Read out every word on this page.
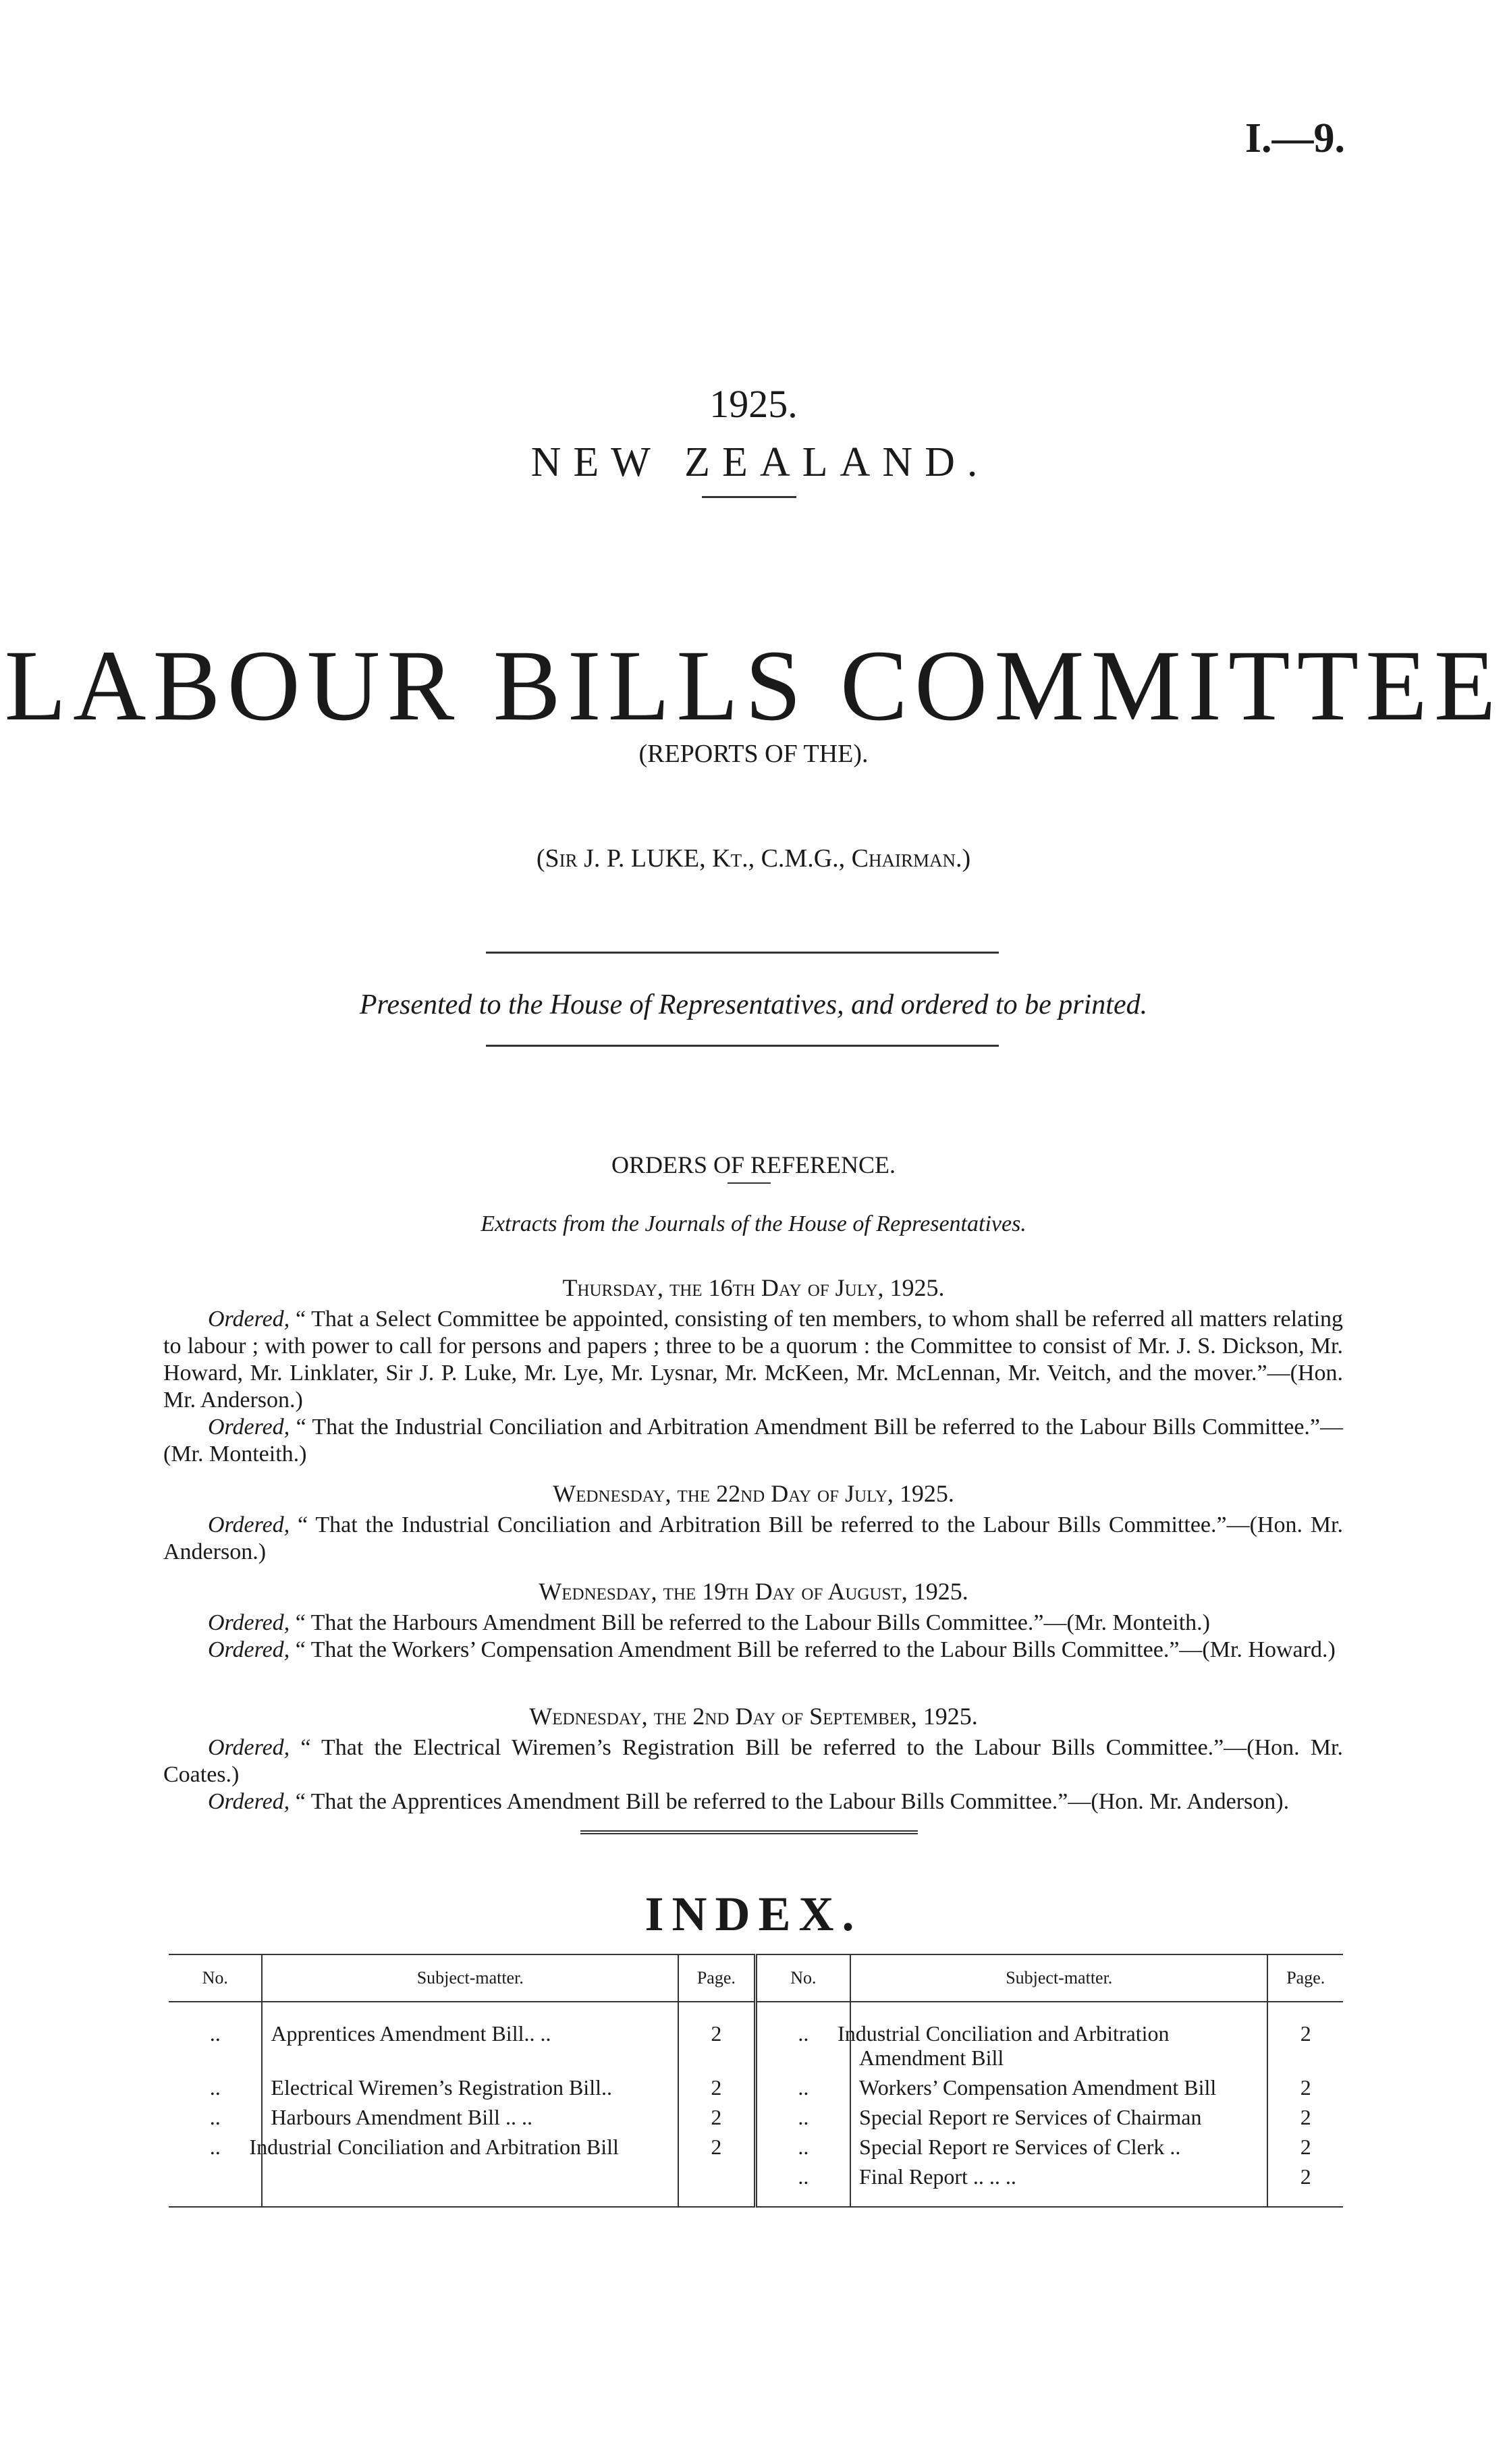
I.—9.
1925.
NEW ZEALAND.
LABOUR BILLS COMMITTEE
(REPORTS OF THE).
(Sir J. P. LUKE, Kt., C.M.G., Chairman.)
Presented to the House of Representatives, and ordered to be printed.
ORDERS OF REFERENCE.
Extracts from the Journals of the House of Representatives.
Thursday, the 16th Day of July, 1925.

Ordered, “ That a Select Committee be appointed, consisting of ten members, to whom shall be referred all matters relating to labour ; with power to call for persons and papers ; three to be a quorum : the Committee to consist of Mr. J. S. Dickson, Mr. Howard, Mr. Linklater, Sir J. P. Luke, Mr. Lye, Mr. Lysnar, Mr. McKeen, Mr. McLennan, Mr. Veitch, and the mover.”—(Hon. Mr. Anderson.)

Ordered, “ That the Industrial Conciliation and Arbitration Amendment Bill be referred to the Labour Bills Committee.”—(Mr. Monteith.)

Wednesday, the 22nd Day of July, 1925.

Ordered, “ That the Industrial Conciliation and Arbitration Bill be referred to the Labour Bills Committee.”—(Hon. Mr. Anderson.)

Wednesday, the 19th Day of August, 1925.

Ordered, “ That the Harbours Amendment Bill be referred to the Labour Bills Committee.”—(Mr. Monteith.)

Ordered, “ That the Workers’ Compensation Amendment Bill be referred to the Labour Bills Committee.”—(Mr. Howard.)

Wednesday, the 2nd Day of September, 1925.

Ordered, “ That the Electrical Wiremen’s Registration Bill be referred to the Labour Bills Committee.”—(Hon. Mr. Coates.)

Ordered, “ That the Apprentices Amendment Bill be referred to the Labour Bills Committee.”—(Hon. Mr. Anderson).

INDEX.
No.	Subject-matter.	Page.	No.	Subject-matter.	Page.

..	Apprentices Amendment Bill.. ..	2	..	Industrial Conciliation and Arbitration Amendment Bill	2
..	Electrical Wiremen’s Registration Bill..	2	..	Workers’ Compensation Amendment Bill	2
..	Harbours Amendment Bill .. ..	2	..	Special Report re Services of Chairman	2
..	Industrial Conciliation and Arbitration Bill	2	..	Special Report re Services of Clerk ..	2
			..	Final Report .. .. ..	2
